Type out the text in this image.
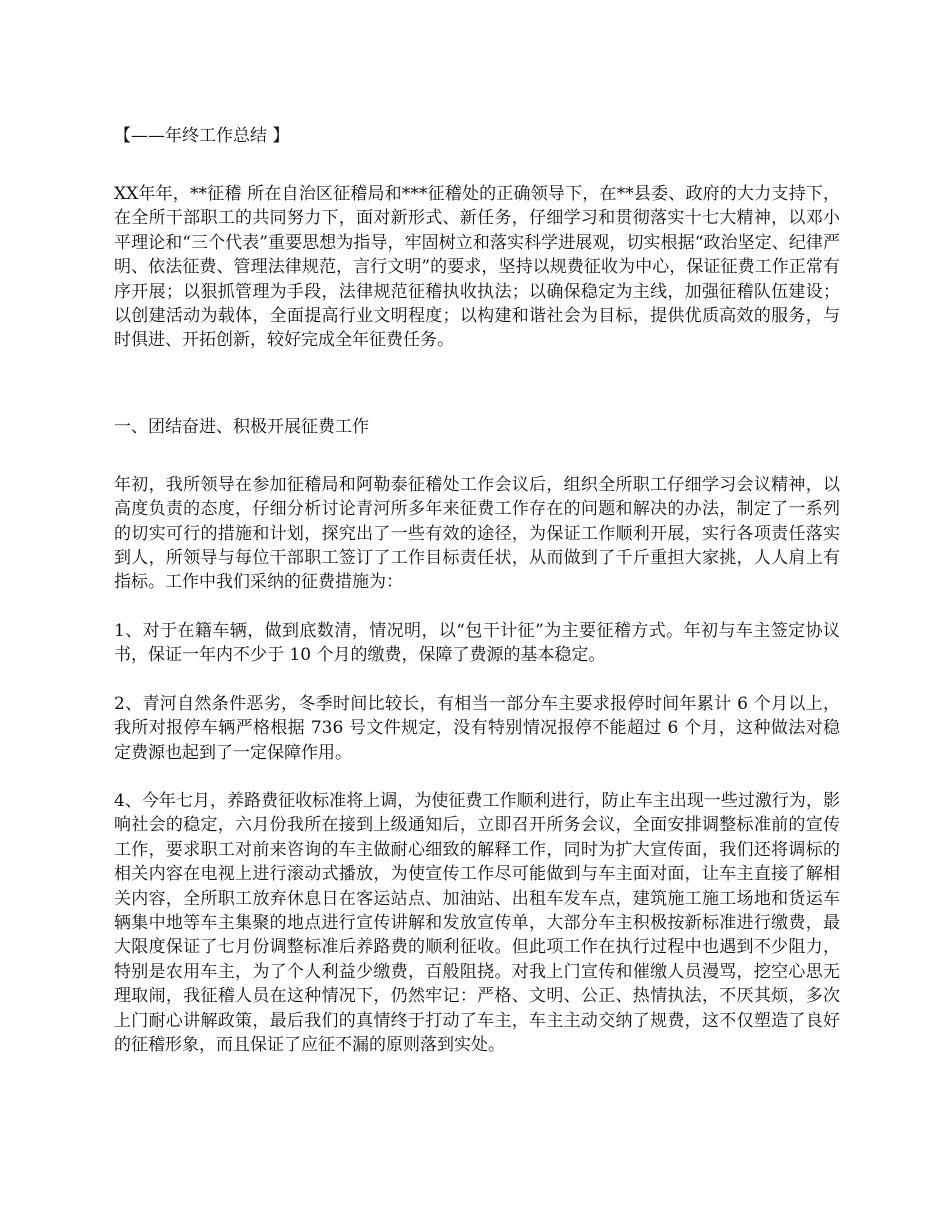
【——年终工作总结 】

XX年年，**征稽 所在自治区征稽局和***征稽处的正确领导下，在**县委、政府的大力支持下，在全所干部职工的共同努力下，面对新形式、新任务，仔细学习和贯彻落实十七大精神，以邓小平理论和“三个代表”重要思想为指导，牢固树立和落实科学进展观，切实根据“政治坚定、纪律严明、依法征费、管理法律规范，言行文明”的要求，坚持以规费征收为中心，保证征费工作正常有序开展；以狠抓管理为手段，法律规范征稽执收执法；以确保稳定为主线，加强征稽队伍建设；以创建活动为载体，全面提高行业文明程度；以构建和谐社会为目标，提供优质高效的服务，与时俱进、开拓创新，较好完成全年征费任务。

一、团结奋进、积极开展征费工作

年初，我所领导在参加征稽局和阿勒泰征稽处工作会议后，组织全所职工仔细学习会议精神，以高度负责的态度，仔细分析讨论青河所多年来征费工作存在的问题和解决的办法，制定了一系列的切实可行的措施和计划，探究出了一些有效的途径，为保证工作顺利开展，实行各项责任落实到人，所领导与每位干部职工签订了工作目标责任状，从而做到了千斤重担大家挑，人人肩上有指标。工作中我们采纳的征费措施为：

1、对于在籍车辆，做到底数清，情况明，以“包干计征”为主要征稽方式。年初与车主签定协议书，保证一年内不少于 10 个月的缴费，保障了费源的基本稳定。

2、青河自然条件恶劣，冬季时间比较长，有相当一部分车主要求报停时间年累计 6 个月以上，我所对报停车辆严格根据 736 号文件规定，没有特别情况报停不能超过 6 个月，这种做法对稳定费源也起到了一定保障作用。

4、今年七月，养路费征收标准将上调，为使征费工作顺利进行，防止车主出现一些过激行为，影响社会的稳定，六月份我所在接到上级通知后，立即召开所务会议，全面安排调整标准前的宣传工作，要求职工对前来咨询的车主做耐心细致的解释工作，同时为扩大宣传面，我们还将调标的相关内容在电视上进行滚动式播放，为使宣传工作尽可能做到与车主面对面，让车主直接了解相关内容，全所职工放弃休息日在客运站点、加油站、出租车发车点，建筑施工施工场地和货运车辆集中地等车主集聚的地点进行宣传讲解和发放宣传单，大部分车主积极按新标准进行缴费，最大限度保证了七月份调整标准后养路费的顺利征收。但此项工作在执行过程中也遇到不少阻力，特别是农用车主，为了个人利益少缴费，百般阻挠。对我上门宣传和催缴人员漫骂，挖空心思无理取闹，我征稽人员在这种情况下，仍然牢记：严格、文明、公正、热情执法，不厌其烦，多次上门耐心讲解政策，最后我们的真情终于打动了车主，车主主动交纳了规费，这不仅塑造了良好的征稽形象，而且保证了应征不漏的原则落到实处。
